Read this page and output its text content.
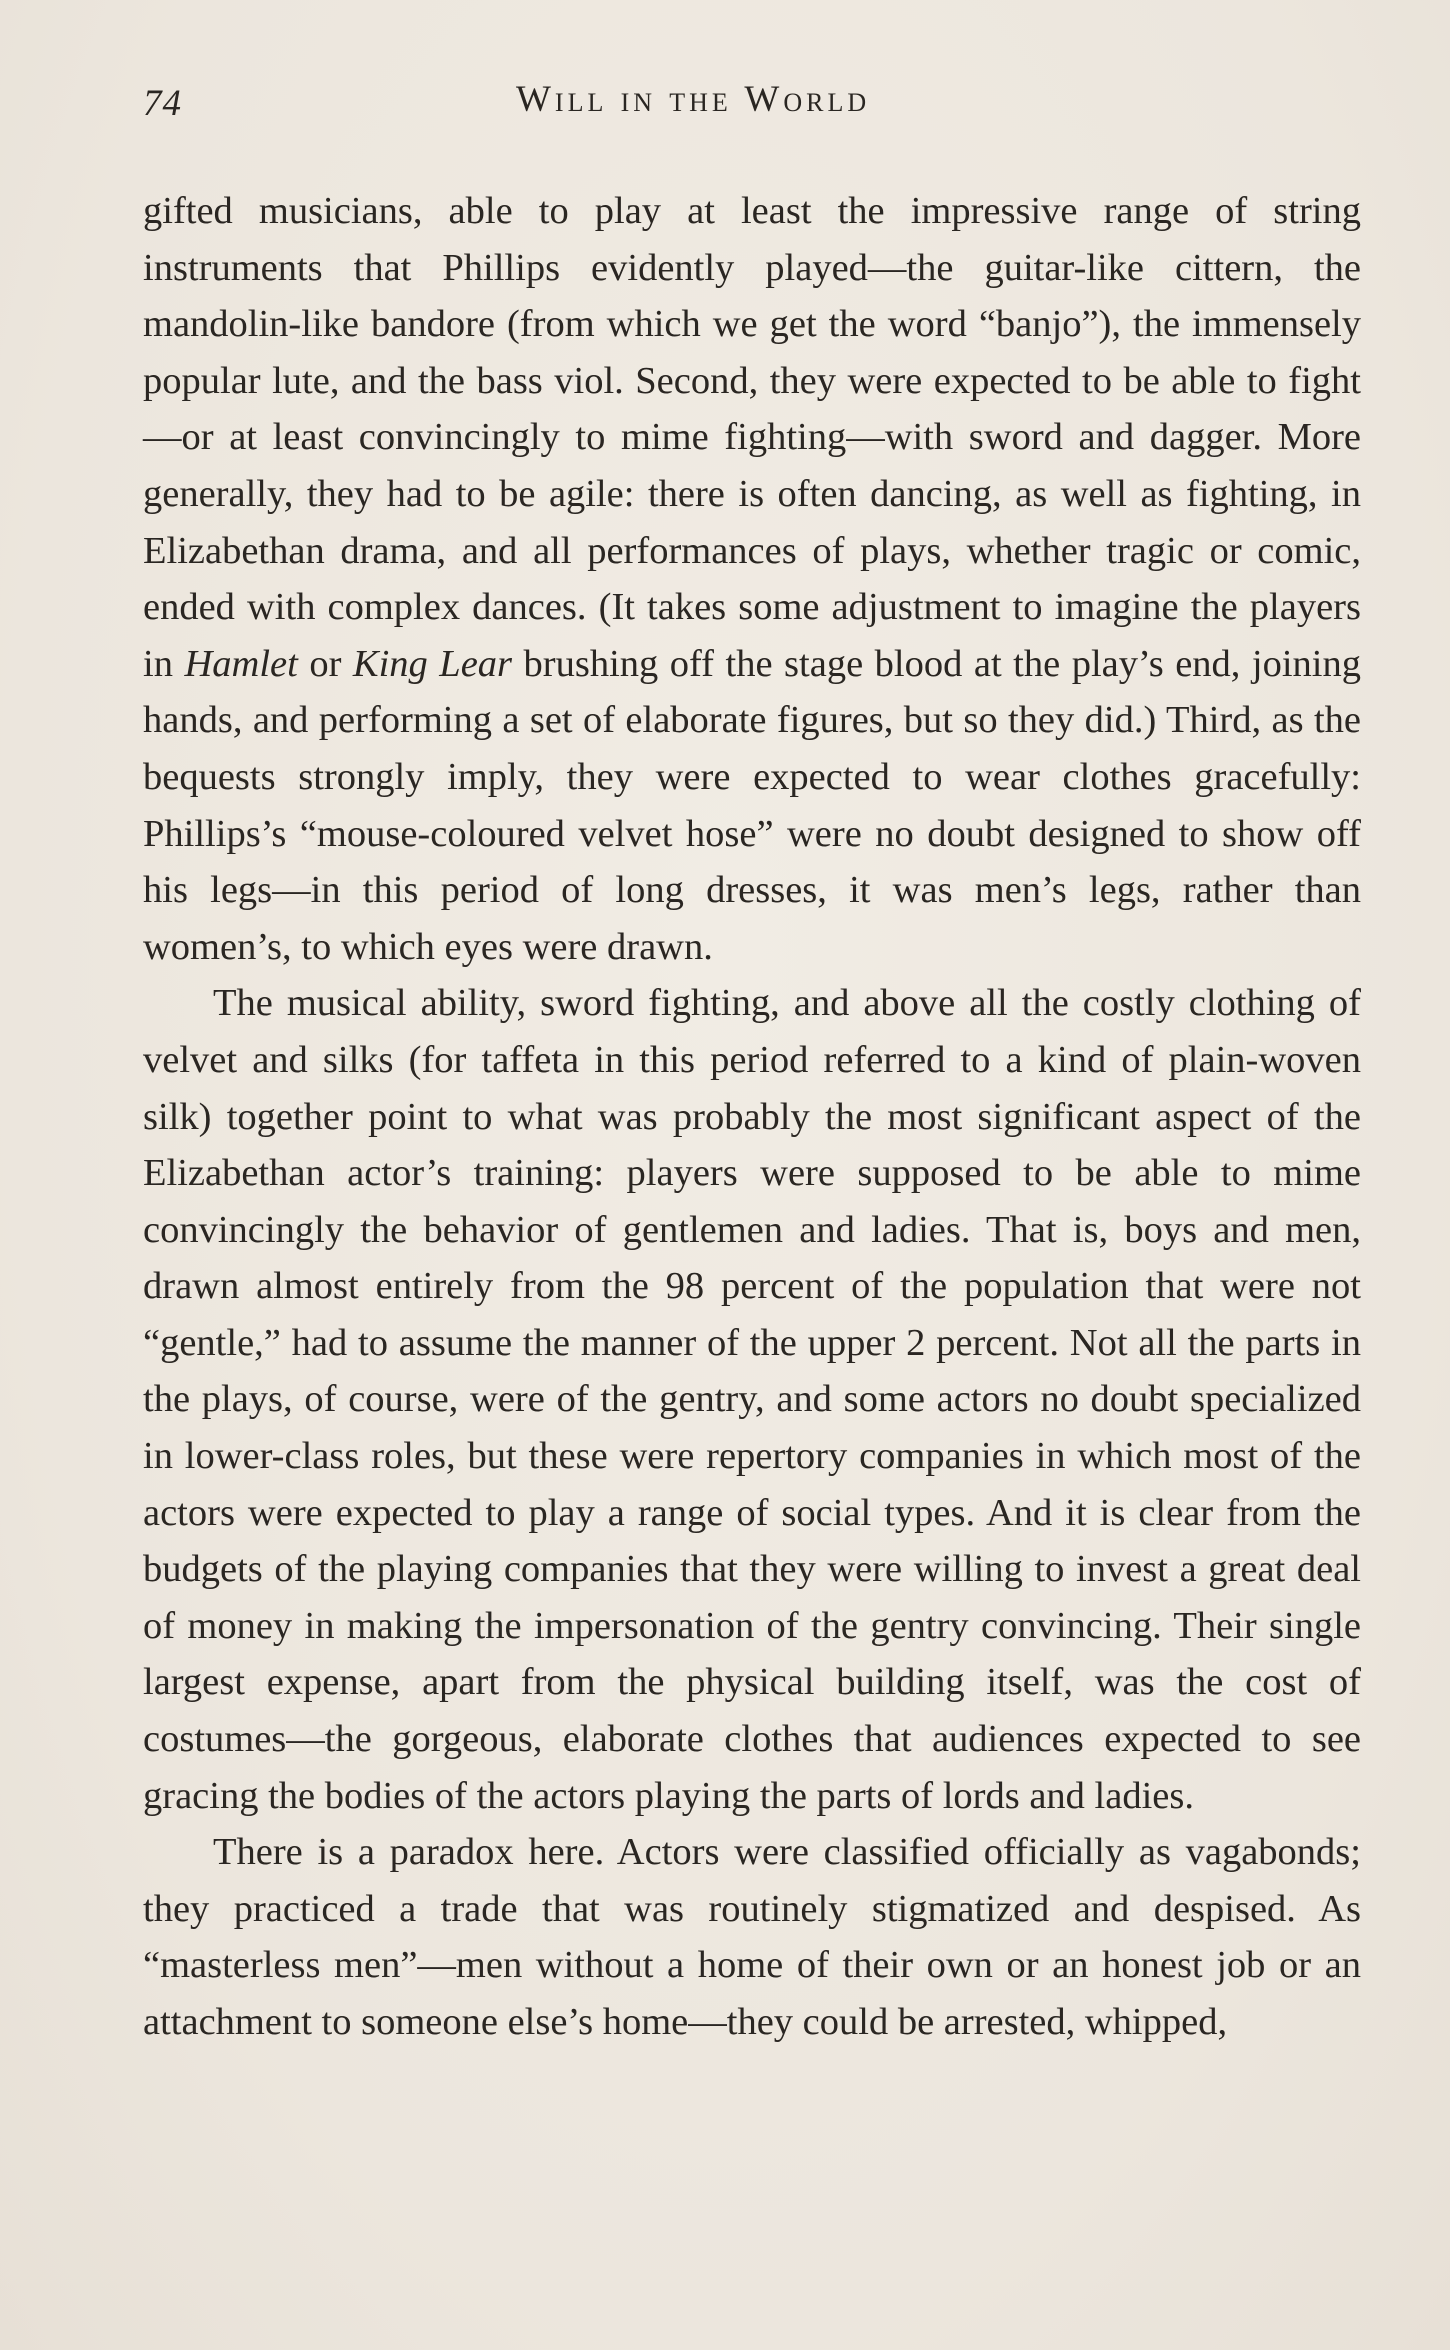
74	Will in the World

gifted musicians, able to play at least the impressive range of string instruments that Phillips evidently played—the guitar-like cittern, the mandolin-like bandore (from which we get the word “banjo”), the immensely popular lute, and the bass viol. Second, they were expected to be able to fight—or at least convincingly to mime fighting—with sword and dagger. More generally, they had to be agile: there is often dancing, as well as fighting, in Elizabethan drama, and all performances of plays, whether tragic or comic, ended with complex dances. (It takes some adjustment to imagine the players in Hamlet or King Lear brushing off the stage blood at the play’s end, joining hands, and performing a set of elaborate figures, but so they did.) Third, as the bequests strongly imply, they were expected to wear clothes gracefully: Phillips’s “mouse-coloured velvet hose” were no doubt designed to show off his legs—in this period of long dresses, it was men’s legs, rather than women’s, to which eyes were drawn.

The musical ability, sword fighting, and above all the costly clothing of velvet and silks (for taffeta in this period referred to a kind of plain-woven silk) together point to what was probably the most significant aspect of the Elizabethan actor’s training: players were supposed to be able to mime convincingly the behavior of gentlemen and ladies. That is, boys and men, drawn almost entirely from the 98 percent of the population that were not “gentle,” had to assume the manner of the upper 2 percent. Not all the parts in the plays, of course, were of the gentry, and some actors no doubt specialized in lower-class roles, but these were repertory companies in which most of the actors were expected to play a range of social types. And it is clear from the budgets of the playing companies that they were willing to invest a great deal of money in making the impersonation of the gentry convincing. Their single largest expense, apart from the physical building itself, was the cost of costumes—the gorgeous, elaborate clothes that audiences expected to see gracing the bodies of the actors playing the parts of lords and ladies.

There is a paradox here. Actors were classified officially as vagabonds; they practiced a trade that was routinely stigmatized and despised. As “masterless men”—men without a home of their own or an honest job or an attachment to someone else’s home—they could be arrested, whipped,
